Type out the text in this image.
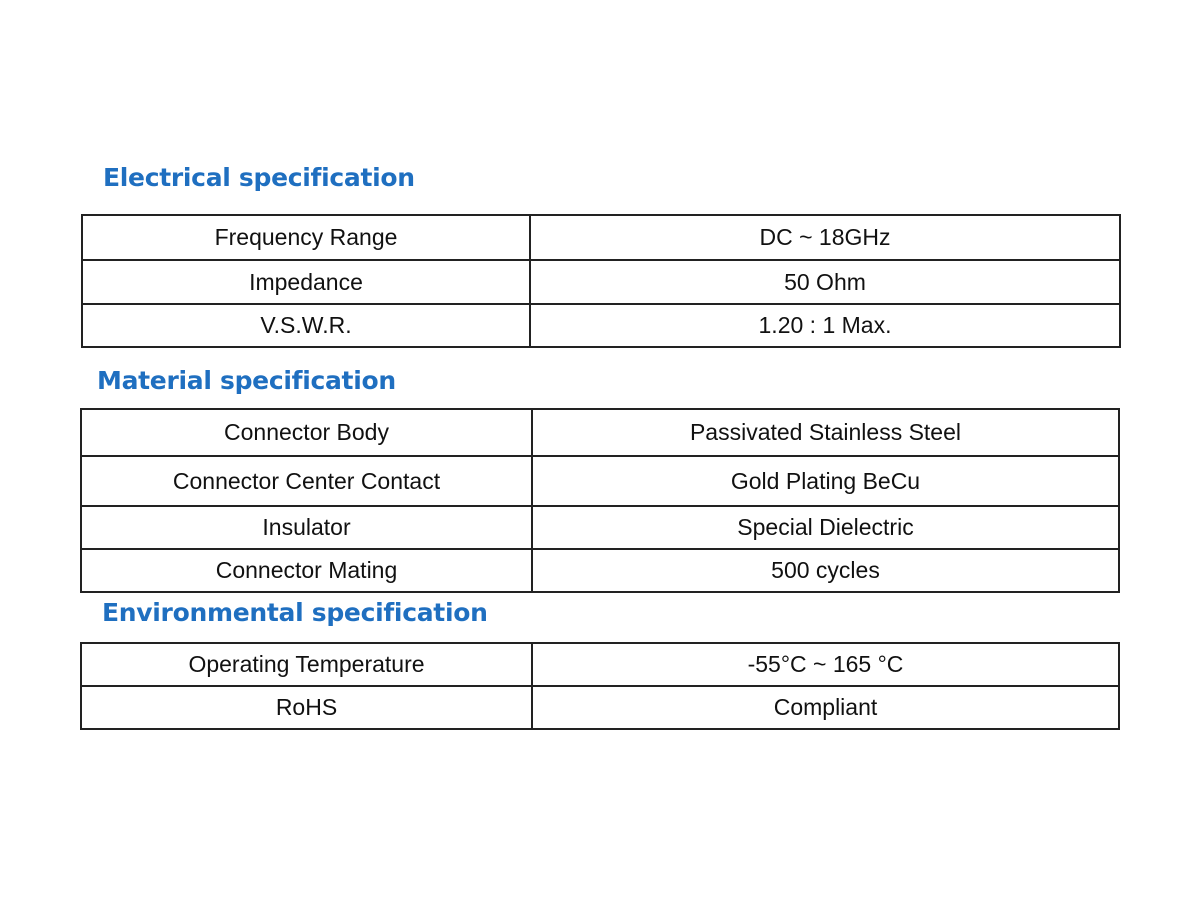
Electrical specification
Frequency Range	DC ~ 18GHz
Impedance	50 Ohm
V.S.W.R.	1.20 : 1 Max.
Material specification
Connector Body	Passivated Stainless Steel
Connector Center Contact	Gold Plating BeCu
Insulator	Special Dielectric
Connector Mating	500 cycles
Environmental specification
Operating Temperature	-55°C ~ 165 °C
RoHS	Compliant
